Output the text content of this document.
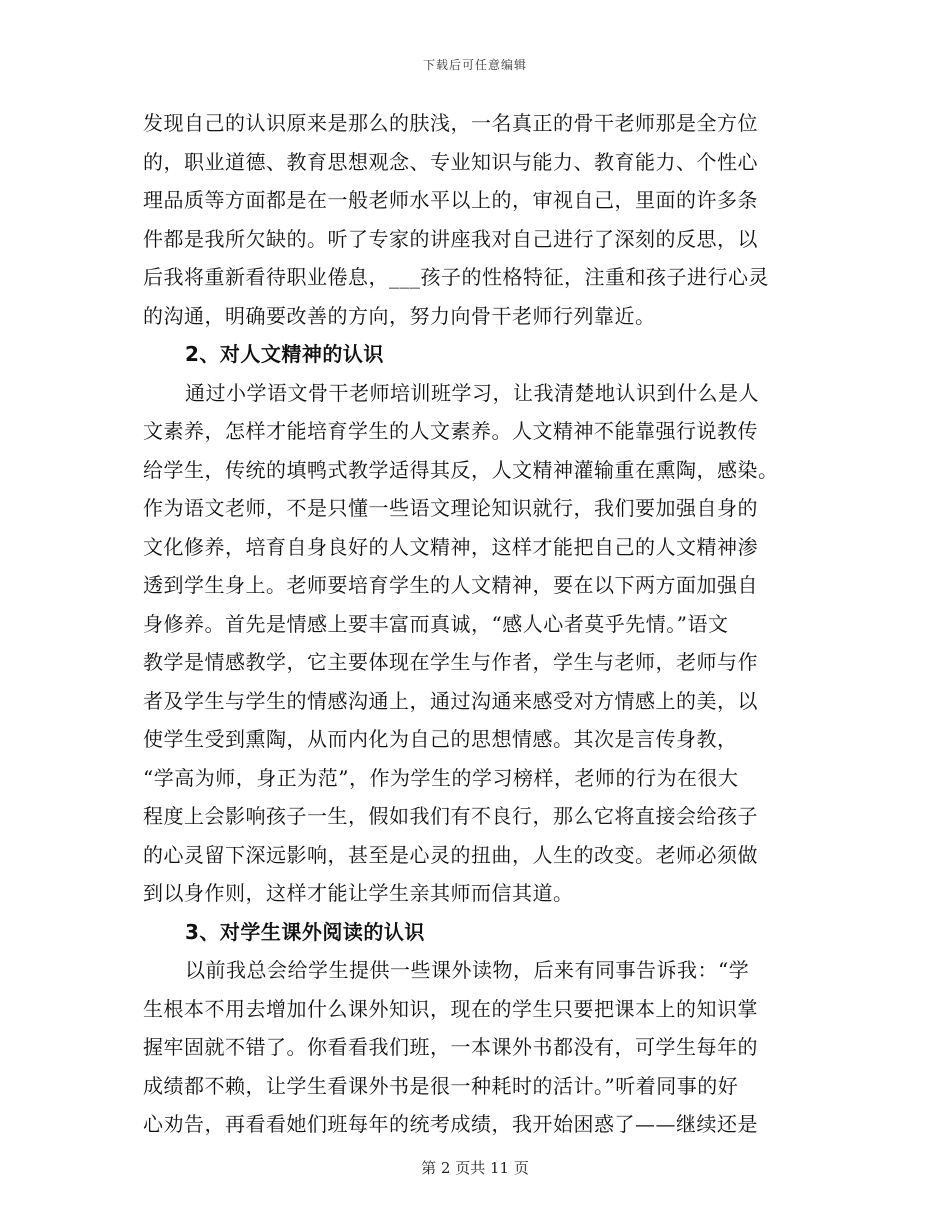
下载后可任意编辑
发现自己的认识原来是那么的肤浅，一名真正的骨干老师那是全方位
的，职业道德、教育思想观念、专业知识与能力、教育能力、个性心
理品质等方面都是在一般老师水平以上的，审视自己，里面的许多条
件都是我所欠缺的。听了专家的讲座我对自己进行了深刻的反思，以
后我将重新看待职业倦息，___孩子的性格特征，注重和孩子进行心灵
的沟通，明确要改善的方向，努力向骨干老师行列靠近。
2、对人文精神的认识
通过小学语文骨干老师培训班学习，让我清楚地认识到什么是人
文素养，怎样才能培育学生的人文素养。人文精神不能靠强行说教传
给学生，传统的填鸭式教学适得其反，人文精神灌输重在熏陶，感染。
作为语文老师，不是只懂一些语文理论知识就行，我们要加强自身的
文化修养，培育自身良好的人文精神，这样才能把自己的人文精神渗
透到学生身上。老师要培育学生的人文精神，要在以下两方面加强自
身修养。首先是情感上要丰富而真诚，“感人心者莫乎先情。”语文
教学是情感教学，它主要体现在学生与作者，学生与老师，老师与作
者及学生与学生的情感沟通上，通过沟通来感受对方情感上的美，以
使学生受到熏陶，从而内化为自己的思想情感。其次是言传身教，
“学高为师，身正为范”，作为学生的学习榜样，老师的行为在很大
程度上会影响孩子一生，假如我们有不良行，那么它将直接会给孩子
的心灵留下深远影响，甚至是心灵的扭曲，人生的改变。老师必须做
到以身作则，这样才能让学生亲其师而信其道。
3、对学生课外阅读的认识
以前我总会给学生提供一些课外读物，后来有同事告诉我：“学
生根本不用去增加什么课外知识，现在的学生只要把课本上的知识掌
握牢固就不错了。你看看我们班，一本课外书都没有，可学生每年的
成绩都不赖，让学生看课外书是很一种耗时的活计。”听着同事的好
心劝告，再看看她们班每年的统考成绩，我开始困惑了——继续还是
第 2 页共 11 页
